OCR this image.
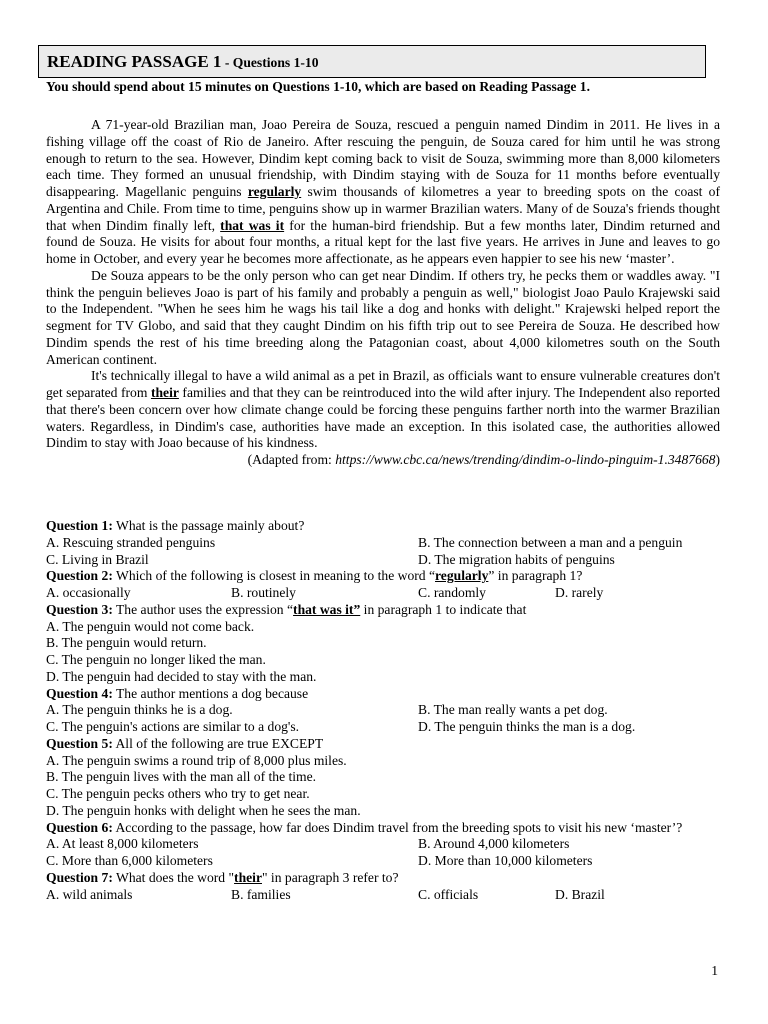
READING PASSAGE 1 - Questions 1-10
You should spend about 15 minutes on Questions 1-10, which are based on Reading Passage 1.

A 71-year-old Brazilian man, Joao Pereira de Souza, rescued a penguin named Dindim in 2011. He lives in a fishing village off the coast of Rio de Janeiro. After rescuing the penguin, de Souza cared for him until he was strong enough to return to the sea. However, Dindim kept coming back to visit de Souza, swimming more than 8,000 kilometers each time. They formed an unusual friendship, with Dindim staying with de Souza for 11 months before eventually disappearing. Magellanic penguins regularly swim thousands of kilometres a year to breeding spots on the coast of Argentina and Chile. From time to time, penguins show up in warmer Brazilian waters. Many of de Souza's friends thought that when Dindim finally left, that was it for the human-bird friendship. But a few months later, Dindim returned and found de Souza. He visits for about four months, a ritual kept for the last five years. He arrives in June and leaves to go home in October, and every year he becomes more affectionate, as he appears even happier to see his new ‘master’.

De Souza appears to be the only person who can get near Dindim. If others try, he pecks them or waddles away. "I think the penguin believes Joao is part of his family and probably a penguin as well," biologist Joao Paulo Krajewski said to the Independent. "When he sees him he wags his tail like a dog and honks with delight." Krajewski helped report the segment for TV Globo, and said that they caught Dindim on his fifth trip out to see Pereira de Souza. He described how Dindim spends the rest of his time breeding along the Patagonian coast, about 4,000 kilometres south on the South American continent.

It's technically illegal to have a wild animal as a pet in Brazil, as officials want to ensure vulnerable creatures don't get separated from their families and that they can be reintroduced into the wild after injury. The Independent also reported that there's been concern over how climate change could be forcing these penguins farther north into the warmer Brazilian waters. Regardless, in Dindim's case, authorities have made an exception. In this isolated case, the authorities allowed Dindim to stay with Joao because of his kindness.

(Adapted from: https://www.cbc.ca/news/trending/dindim-o-lindo-pinguim-1.3487668)

Question 1: What is the passage mainly about?
A. Rescuing stranded penguins	B. The connection between a man and a penguin
C. Living in Brazil	D. The migration habits of penguins
Question 2: Which of the following is closest in meaning to the word “regularly” in paragraph 1?
A. occasionally	B. routinely	C. randomly	D. rarely
Question 3: The author uses the expression “that was it” in paragraph 1 to indicate that
A. The penguin would not come back.
B. The penguin would return.
C. The penguin no longer liked the man.
D. The penguin had decided to stay with the man.
Question 4: The author mentions a dog because
A. The penguin thinks he is a dog.	B. The man really wants a pet dog.
C. The penguin's actions are similar to a dog's.	D. The penguin thinks the man is a dog.
Question 5: All of the following are true EXCEPT
A. The penguin swims a round trip of 8,000 plus miles.
B. The penguin lives with the man all of the time.
C. The penguin pecks others who try to get near.
D. The penguin honks with delight when he sees the man.
Question 6: According to the passage, how far does Dindim travel from the breeding spots to visit his new ‘master’?
A. At least 8,000 kilometers	B. Around 4,000 kilometers
C. More than 6,000 kilometers	D. More than 10,000 kilometers
Question 7: What does the word "their" in paragraph 3 refer to?
A. wild animals	B. families	C. officials	D. Brazil
1
